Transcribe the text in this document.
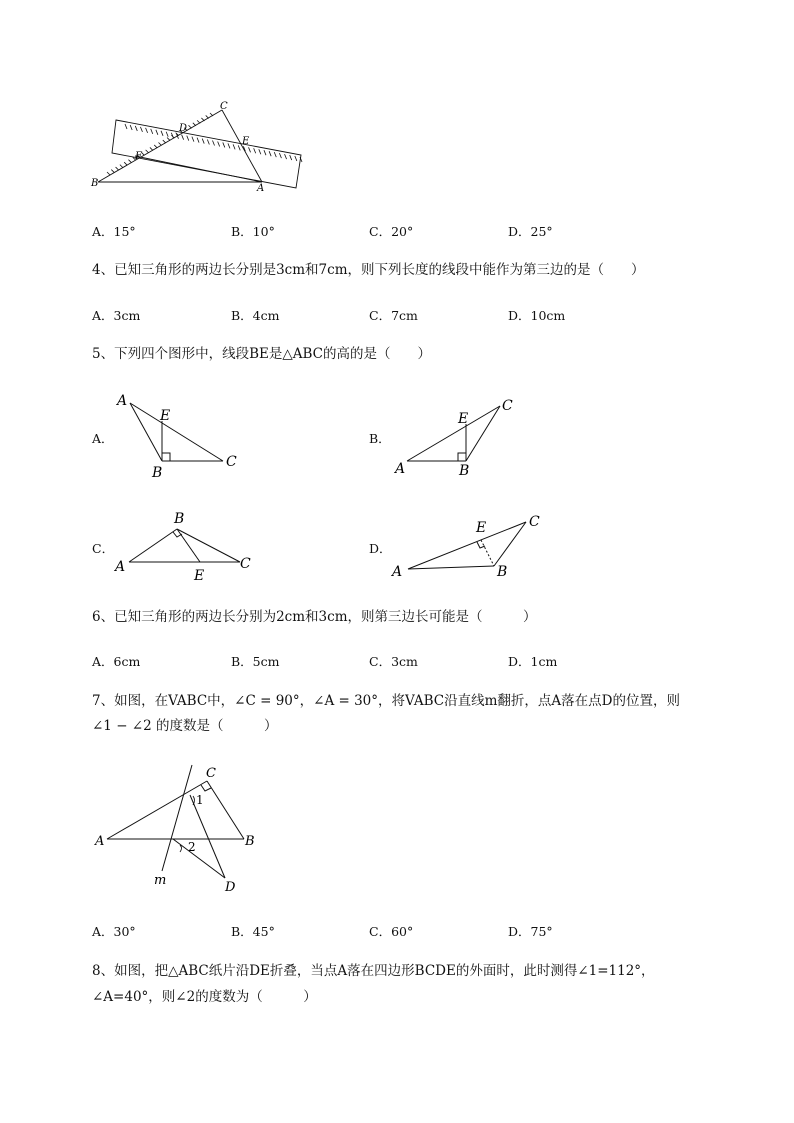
C
D
E
F
B	A
A．15°	B．10°	C．20°	D．25°
4、已知三角形的两边长分别是3cm和7cm，则下列长度的线段中能作为第三边的是（　　）
A．3cm	B．4cm	C．7cm	D．10cm
5、下列四个图形中，线段BE是△ABC的高的是（　　）
A．
A
E
B
C
B．
E
C
A	B
C．
B
A
E
C
D．
E	C
A	B
6、已知三角形的两边长分别为2cm和3cm，则第三边长可能是（　　　）
A．6cm	B．5cm	C．3cm	D．1cm
7、如图，在VABC中，∠C = 90°，∠A = 30°，将VABC沿直线m翻折，点A落在点D的位置，则
∠1 − ∠2 的度数是（　　　）
C
1
A	B
2
m	D
A．30°	B．45°	C．60°	D．75°
8、如图，把△ABC纸片沿DE折叠，当点A落在四边形BCDE的外面时，此时测得∠1=112°，
∠A=40°，则∠2的度数为（　　　）
